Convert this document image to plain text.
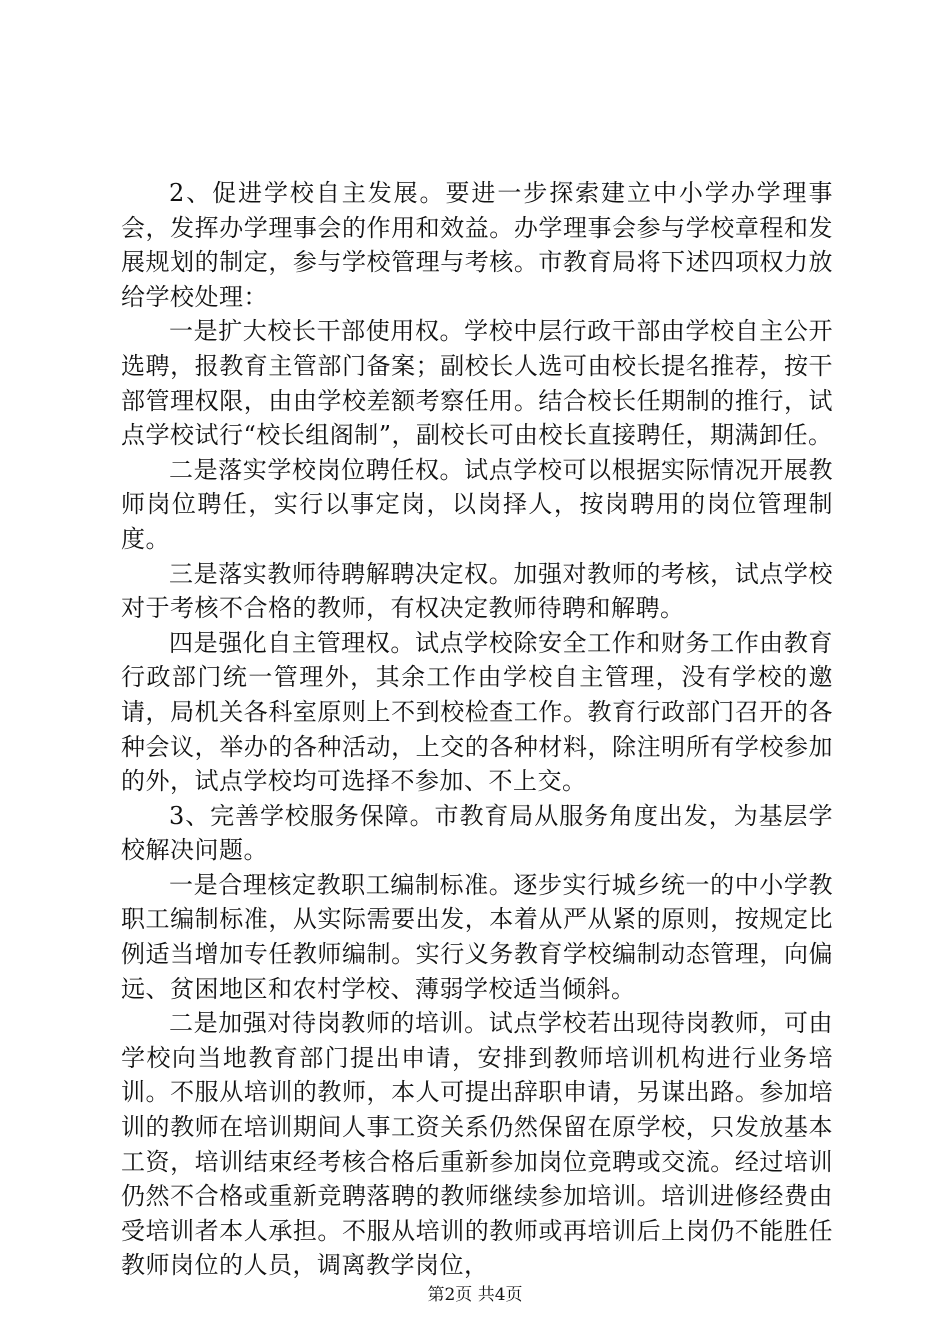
2、促进学校自主发展。要进一步探索建立中小学办学理事会，发挥办学理事会的作用和效益。办学理事会参与学校章程和发展规划的制定，参与学校管理与考核。市教育局将下述四项权力放给学校处理：

一是扩大校长干部使用权。学校中层行政干部由学校自主公开选聘，报教育主管部门备案；副校长人选可由校长提名推荐，按干部管理权限，由由学校差额考察任用。结合校长任期制的推行，试点学校试行“校长组阁制”，副校长可由校长直接聘任，期满卸任。

二是落实学校岗位聘任权。试点学校可以根据实际情况开展教师岗位聘任，实行以事定岗，以岗择人，按岗聘用的岗位管理制度。

三是落实教师待聘解聘决定权。加强对教师的考核，试点学校对于考核不合格的教师，有权决定教师待聘和解聘。

四是强化自主管理权。试点学校除安全工作和财务工作由教育行政部门统一管理外，其余工作由学校自主管理，没有学校的邀请，局机关各科室原则上不到校检查工作。教育行政部门召开的各种会议，举办的各种活动，上交的各种材料，除注明所有学校参加的外，试点学校均可选择不参加、不上交。

3、完善学校服务保障。市教育局从服务角度出发，为基层学校解决问题。

一是合理核定教职工编制标准。逐步实行城乡统一的中小学教职工编制标准，从实际需要出发，本着从严从紧的原则，按规定比例适当增加专任教师编制。实行义务教育学校编制动态管理，向偏远、贫困地区和农村学校、薄弱学校适当倾斜。

二是加强对待岗教师的培训。试点学校若出现待岗教师，可由学校向当地教育部门提出申请，安排到教师培训机构进行业务培训。不服从培训的教师，本人可提出辞职申请，另谋出路。参加培训的教师在培训期间人事工资关系仍然保留在原学校，只发放基本工资，培训结束经考核合格后重新参加岗位竞聘或交流。经过培训仍然不合格或重新竞聘落聘的教师继续参加培训。培训进修经费由受培训者本人承担。不服从培训的教师或再培训后上岗仍不能胜任教师岗位的人员，调离教学岗位，

第2页 共4页
